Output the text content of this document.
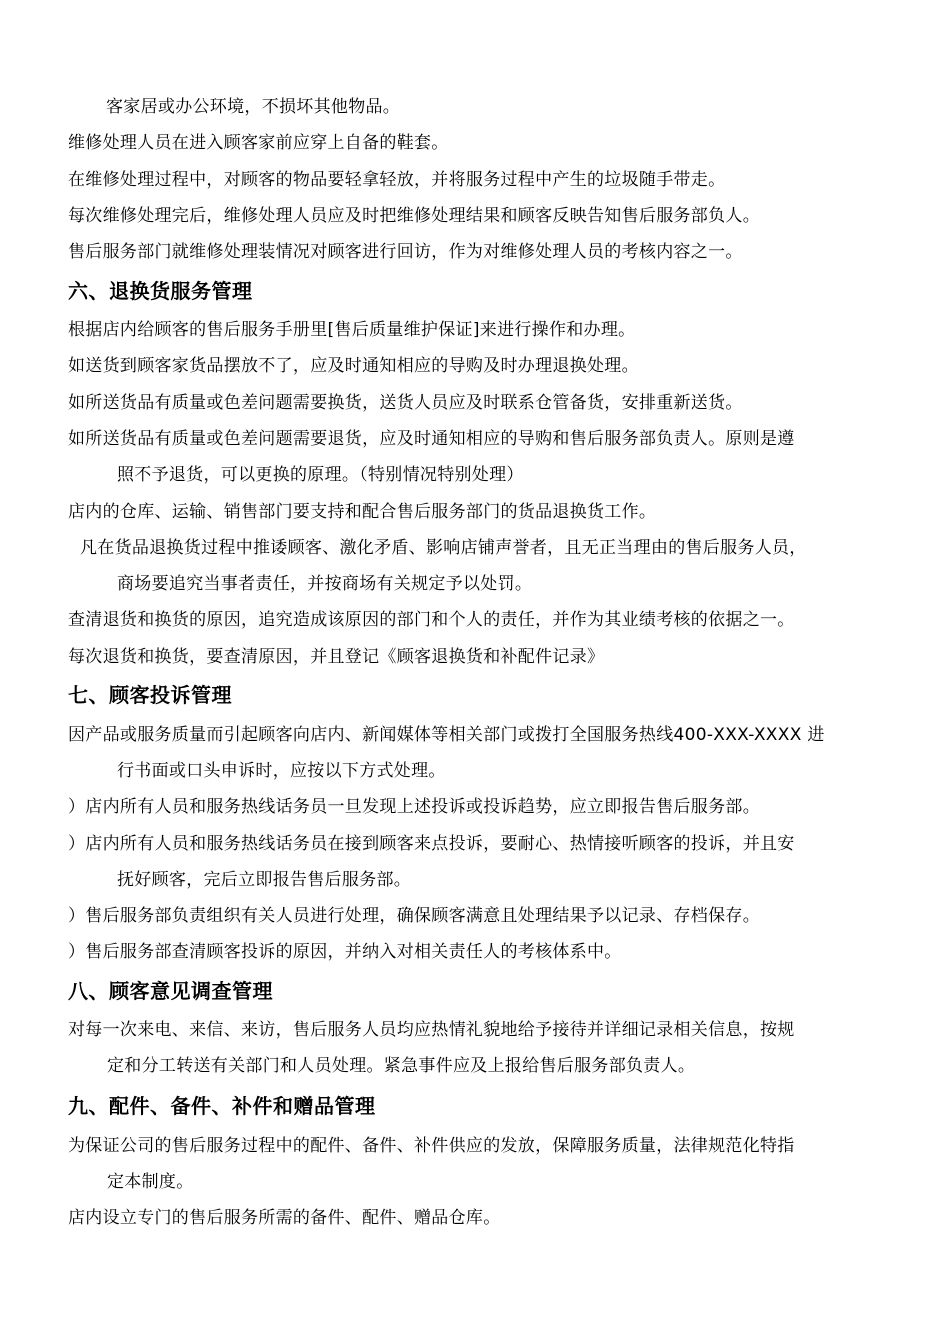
客家居或办公环境，不损坏其他物品。
维修处理人员在进入顾客家前应穿上自备的鞋套。
在维修处理过程中，对顾客的物品要轻拿轻放，并将服务过程中产生的垃圾随手带走。
每次维修处理完后，维修处理人员应及时把维修处理结果和顾客反映告知售后服务部负人。
售后服务部门就维修处理装情况对顾客进行回访，作为对维修处理人员的考核内容之一。
六、退换货服务管理
根据店内给顾客的售后服务手册里[售后质量维护保证]来进行操作和办理。
如送货到顾客家货品摆放不了，应及时通知相应的导购及时办理退换处理。
如所送货品有质量或色差问题需要换货，送货人员应及时联系仓管备货，安排重新送货。
如所送货品有质量或色差问题需要退货，应及时通知相应的导购和售后服务部负责人。原则是遵
照不予退货，可以更换的原理。（特别情况特别处理）
店内的仓库、运输、销售部门要支持和配合售后服务部门的货品退换货工作。
凡在货品退换货过程中推诿顾客、激化矛盾、影响店铺声誉者，且无正当理由的售后服务人员，
商场要追究当事者责任，并按商场有关规定予以处罚。
查清退货和换货的原因，追究造成该原因的部门和个人的责任，并作为其业绩考核的依据之一。
每次退货和换货，要查清原因，并且登记《顾客退换货和补配件记录》
七、顾客投诉管理
因产品或服务质量而引起顾客向店内、新闻媒体等相关部门或拨打全国服务热线400-XXX-XXXX 进
行书面或口头申诉时，应按以下方式处理。
）店内所有人员和服务热线话务员一旦发现上述投诉或投诉趋势，应立即报告售后服务部。
）店内所有人员和服务热线话务员在接到顾客来点投诉，要耐心、热情接听顾客的投诉，并且安
抚好顾客，完后立即报告售后服务部。
）售后服务部负责组织有关人员进行处理，确保顾客满意且处理结果予以记录、存档保存。
）售后服务部查清顾客投诉的原因，并纳入对相关责任人的考核体系中。
八、顾客意见调查管理
对每一次来电、来信、来访，售后服务人员均应热情礼貌地给予接待并详细记录相关信息，按规
定和分工转送有关部门和人员处理。紧急事件应及上报给售后服务部负责人。
九、配件、备件、补件和赠品管理
为保证公司的售后服务过程中的配件、备件、补件供应的发放，保障服务质量，法律规范化特指
定本制度。
店内设立专门的售后服务所需的备件、配件、赠品仓库。
